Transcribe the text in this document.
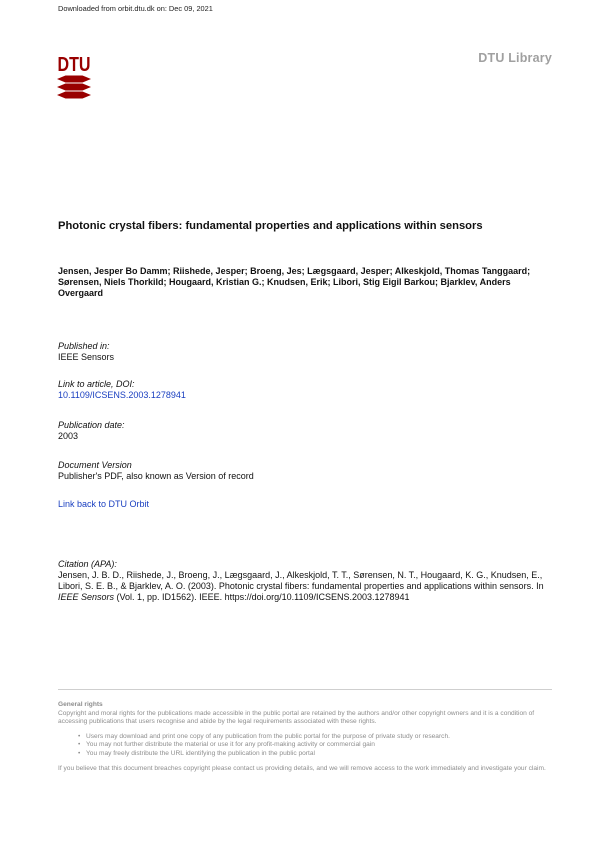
Downloaded from orbit.dtu.dk on: Dec 09, 2021
DTU	DTU Library
Photonic crystal fibers: fundamental properties and applications within sensors
Jensen, Jesper Bo Damm; Riishede, Jesper; Broeng, Jes; Lægsgaard, Jesper; Alkeskjold, Thomas Tanggaard; Sørensen, Niels Thorkild; Hougaard, Kristian G.; Knudsen, Erik; Libori, Stig Eigil Barkou; Bjarklev, Anders Overgaard
Published in:
IEEE Sensors
Link to article, DOI:
10.1109/ICSENS.2003.1278941
Publication date:
2003
Document Version
Publisher's PDF, also known as Version of record
Link back to DTU Orbit
Citation (APA):
Jensen, J. B. D., Riishede, J., Broeng, J., Lægsgaard, J., Alkeskjold, T. T., Sørensen, N. T., Hougaard, K. G., Knudsen, E., Libori, S. E. B., & Bjarklev, A. O. (2003). Photonic crystal fibers: fundamental properties and applications within sensors. In IEEE Sensors (Vol. 1, pp. ID1562). IEEE. https://doi.org/10.1109/ICSENS.2003.1278941
General rights
Copyright and moral rights for the publications made accessible in the public portal are retained by the authors and/or other copyright owners and it is a condition of accessing publications that users recognise and abide by the legal requirements associated with these rights.
• Users may download and print one copy of any publication from the public portal for the purpose of private study or research.
• You may not further distribute the material or use it for any profit-making activity or commercial gain
• You may freely distribute the URL identifying the publication in the public portal
If you believe that this document breaches copyright please contact us providing details, and we will remove access to the work immediately and investigate your claim.
